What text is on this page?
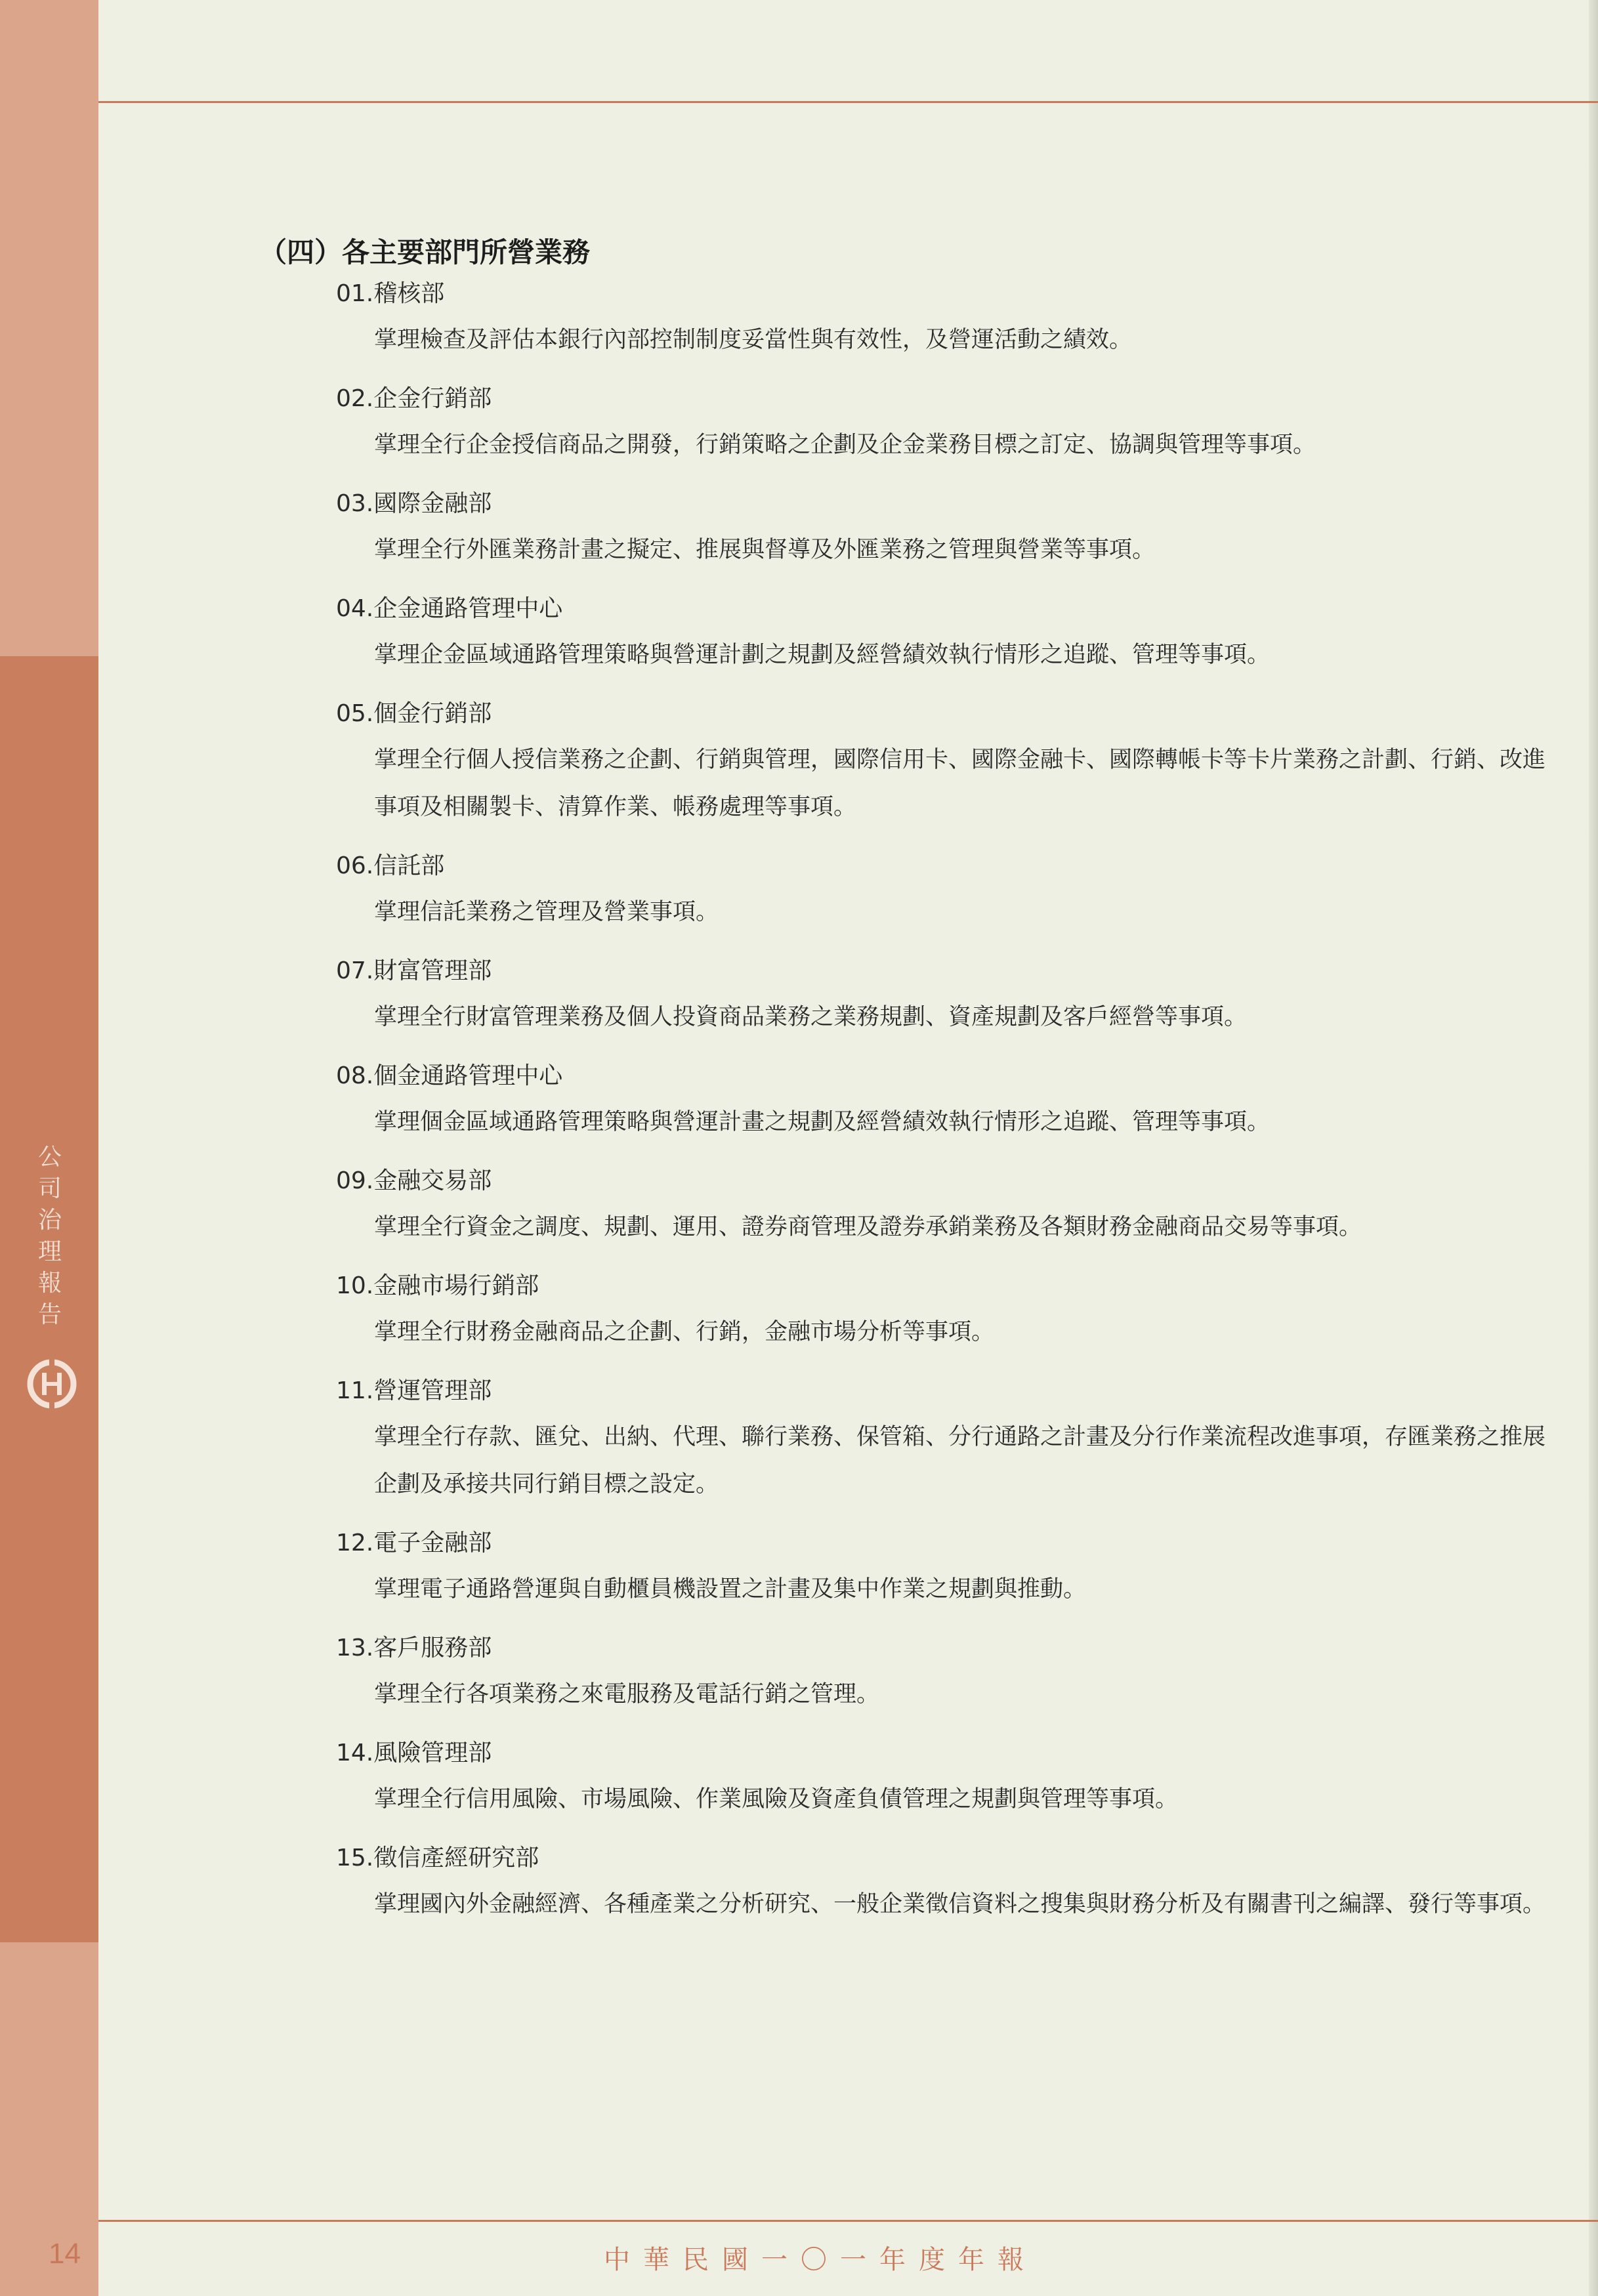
公司治理報告
（四）各主要部門所營業務
01.稽核部
掌理檢查及評估本銀行內部控制制度妥當性與有效性，及營運活動之績效。
02.企金行銷部
掌理全行企金授信商品之開發，行銷策略之企劃及企金業務目標之訂定、協調與管理等事項。
03.國際金融部
掌理全行外匯業務計畫之擬定、推展與督導及外匯業務之管理與營業等事項。
04.企金通路管理中心
掌理企金區域通路管理策略與營運計劃之規劃及經營績效執行情形之追蹤、管理等事項。
05.個金行銷部
掌理全行個人授信業務之企劃、行銷與管理，國際信用卡、國際金融卡、國際轉帳卡等卡片業務之計劃、行銷、改進事項及相關製卡、清算作業、帳務處理等事項。
06.信託部
掌理信託業務之管理及營業事項。
07.財富管理部
掌理全行財富管理業務及個人投資商品業務之業務規劃、資產規劃及客戶經營等事項。
08.個金通路管理中心
掌理個金區域通路管理策略與營運計畫之規劃及經營績效執行情形之追蹤、管理等事項。
09.金融交易部
掌理全行資金之調度、規劃、運用、證券商管理及證券承銷業務及各類財務金融商品交易等事項。
10.金融市場行銷部
掌理全行財務金融商品之企劃、行銷，金融市場分析等事項。
11.營運管理部
掌理全行存款、匯兌、出納、代理、聯行業務、保管箱、分行通路之計畫及分行作業流程改進事項，存匯業務之推展企劃及承接共同行銷目標之設定。
12.電子金融部
掌理電子通路營運與自動櫃員機設置之計畫及集中作業之規劃與推動。
13.客戶服務部
掌理全行各項業務之來電服務及電話行銷之管理。
14.風險管理部
掌理全行信用風險、市場風險、作業風險及資產負債管理之規劃與管理等事項。
15.徵信產經研究部
掌理國內外金融經濟、各種產業之分析研究、一般企業徵信資料之搜集與財務分析及有關書刊之編譯、發行等事項。
14	中華民國一〇一年度年報
